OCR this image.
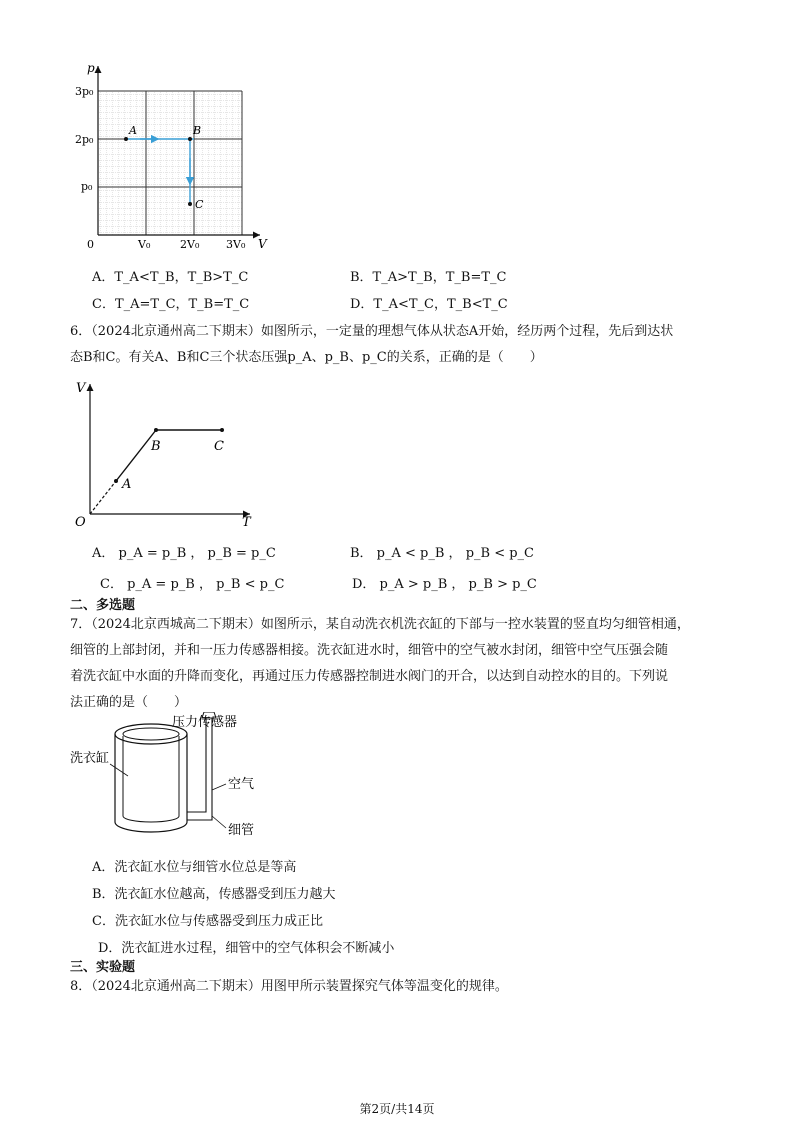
A	B
C
p
V
3p₀
2p₀
p₀
0	V₀	2V₀ 3V₀
A．T_A<T_B，T_B>T_C	B．T_A>T_B，T_B=T_C
C．T_A=T_C，T_B=T_C	D．T_A<T_C，T_B<T_C
6．（2024北京通州高二下期末）如图所示，一定量的理想气体从状态A开始，经历两个过程，先后到达状
态B和C。有关A、B和C三个状态压强p_A、p_B、p_C的关系，正确的是（　　）
A
B	C
V
T
O
A． p_A = p_B ， p_B = p_C	B． p_A < p_B ， p_B < p_C
C． p_A = p_B ， p_B < p_C	D． p_A > p_B ， p_B > p_C
二、多选题
7．（2024北京西城高二下期末）如图所示，某自动洗衣机洗衣缸的下部与一控水装置的竖直均匀细管相通，
细管的上部封闭，并和一压力传感器相接。洗衣缸进水时，细管中的空气被水封闭，细管中空气压强会随
着洗衣缸中水面的升降而变化，再通过压力传感器控制进水阀门的开合，以达到自动控水的目的。下列说
法正确的是（　　）
压力传感器
洗衣缸
空气
细管
A．洗衣缸水位与细管水位总是等高
B．洗衣缸水位越高，传感器受到压力越大
C．洗衣缸水位与传感器受到压力成正比
D．洗衣缸进水过程，细管中的空气体积会不断减小
三、实验题
8．（2024北京通州高二下期末）用图甲所示装置探究气体等温变化的规律。
第2页/共14页
